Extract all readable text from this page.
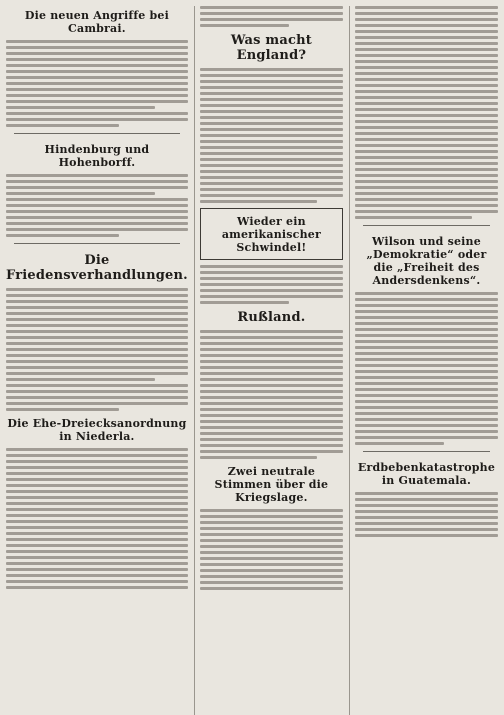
Die neuen Angriffe bei Cambrai.
Hindenburg und Hohenborff.
Die Friedensverhandlungen.
Die Ehe-Dreiecksanordnung in Niederla.
Was macht England?
Wieder ein amerikanischer Schwindel!
Rußland.
Zwei neutrale Stimmen über die Kriegslage.
Wilson und seine „Demokratie“ oder die „Freiheit des Andersdenkens“.
Erdbebenkatastrophe in Guatemala.
